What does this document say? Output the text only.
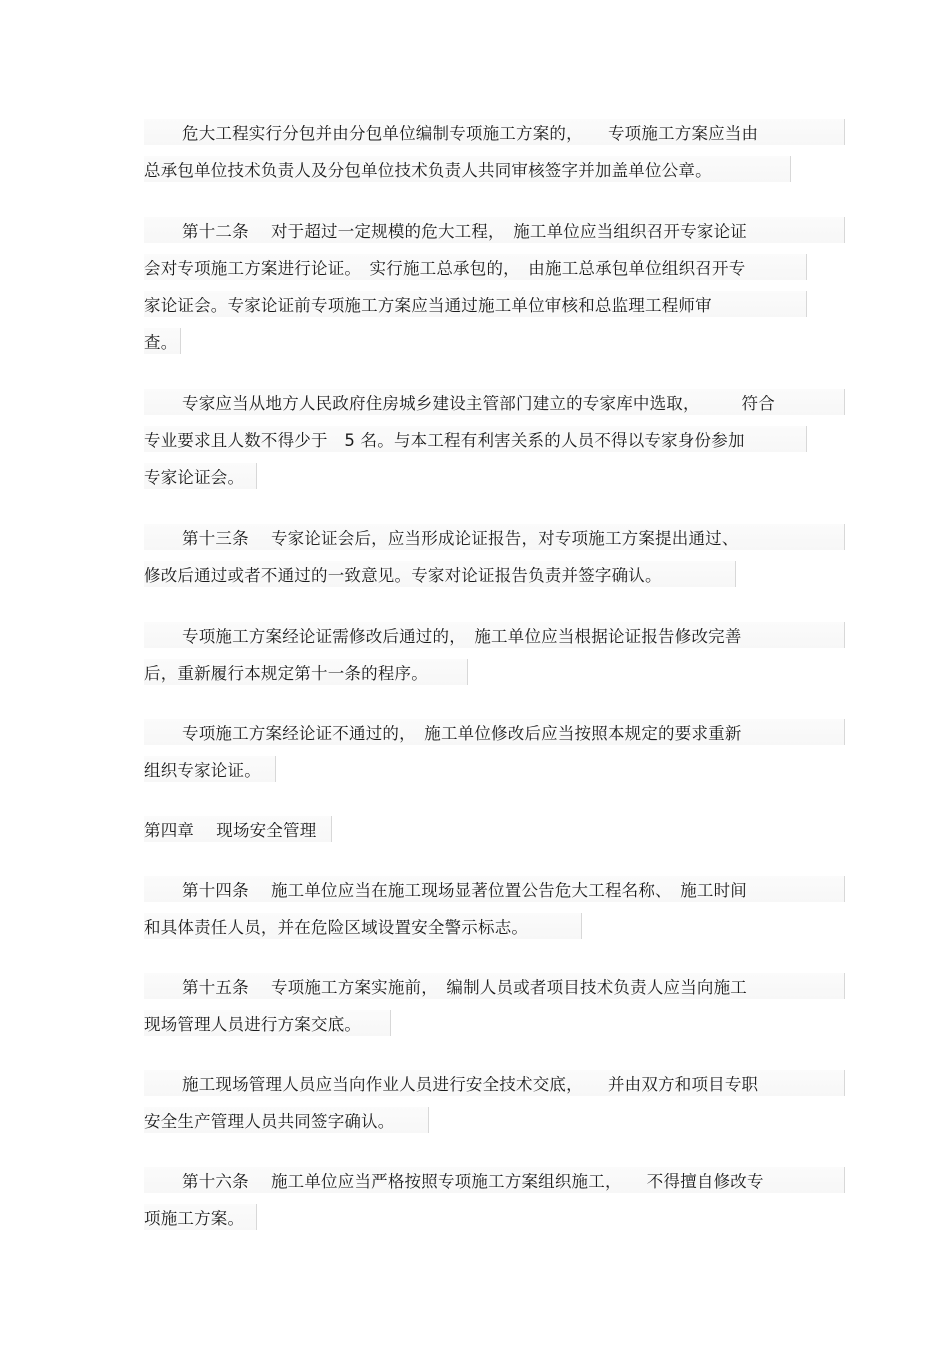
危大工程实行分包并由分包单位编制专项施工方案的，　　专项施工方案应当由
总承包单位技术负责人及分包单位技术负责人共同审核签字并加盖单位公章。
第十二条　 对于超过一定规模的危大工程，　施工单位应当组织召开专家论证
会对专项施工方案进行论证。　实行施工总承包的，　由施工总承包单位组织召开专
家论证会。专家论证前专项施工方案应当通过施工单位审核和总监理工程师审
查。
专家应当从地方人民政府住房城乡建设主管部门建立的专家库中选取，　　　符合
专业要求且人数不得少于　5 名。与本工程有利害关系的人员不得以专家身份参加
专家论证会。
第十三条　 专家论证会后，应当形成论证报告，对专项施工方案提出通过、
修改后通过或者不通过的一致意见。专家对论证报告负责并签字确认。
专项施工方案经论证需修改后通过的，　施工单位应当根据论证报告修改完善
后，重新履行本规定第十一条的程序。
专项施工方案经论证不通过的，　施工单位修改后应当按照本规定的要求重新
组织专家论证。
第四章　 现场安全管理
第十四条　 施工单位应当在施工现场显著位置公告危大工程名称、　施工时间
和具体责任人员，并在危险区域设置安全警示标志。
第十五条　 专项施工方案实施前，　编制人员或者项目技术负责人应当向施工
现场管理人员进行方案交底。
施工现场管理人员应当向作业人员进行安全技术交底，　　并由双方和项目专职
安全生产管理人员共同签字确认。
第十六条　 施工单位应当严格按照专项施工方案组织施工，　　不得擅自修改专
项施工方案。
